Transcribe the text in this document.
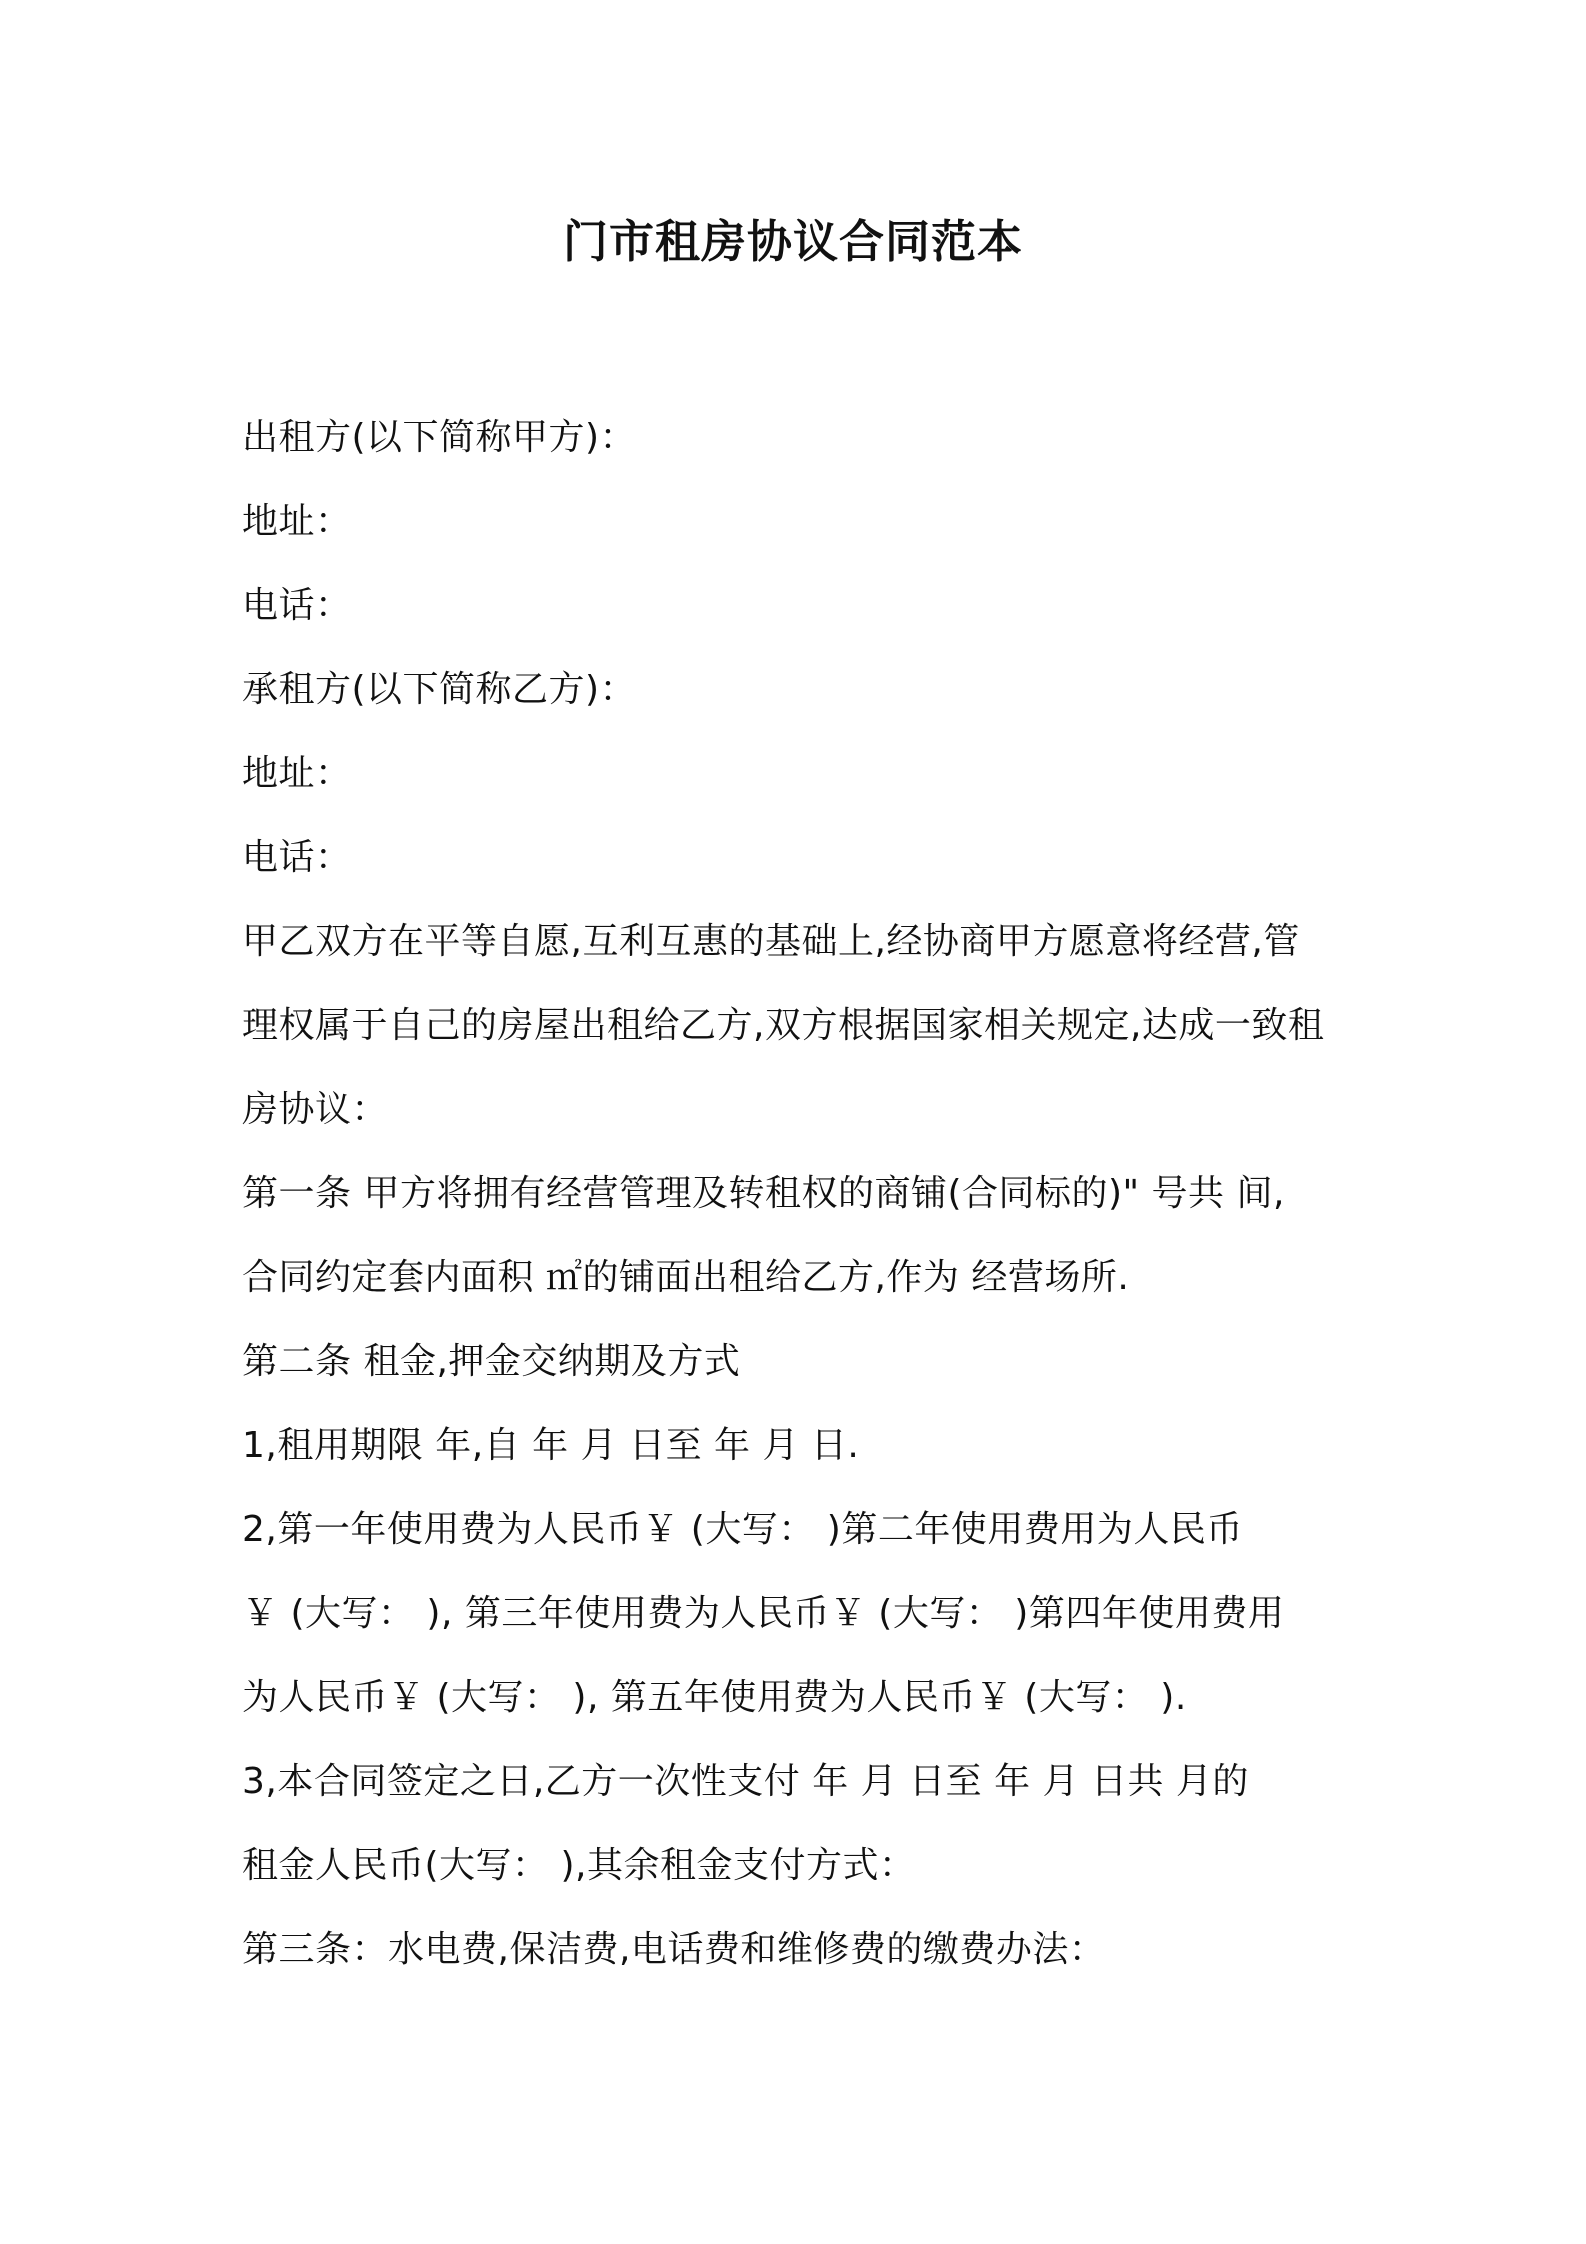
门市租房协议合同范本
出租方(以下简称甲方)：
地址：
电话：
承租方(以下简称乙方)：
地址：
电话：
甲乙双方在平等自愿,互利互惠的基础上,经协商甲方愿意将经营,管
理权属于自己的房屋出租给乙方,双方根据国家相关规定,达成一致租
房协议：
第一条 甲方将拥有经营管理及转租权的商铺(合同标的)" 号共 间,
合同约定套内面积 ㎡的铺面出租给乙方,作为 经营场所.
第二条 租金,押金交纳期及方式
1,租用期限 年,自 年 月 日至 年 月 日.
2,第一年使用费为人民币￥ (大写： )第二年使用费用为人民币
￥ (大写： ), 第三年使用费为人民币￥ (大写： )第四年使用费用
为人民币￥ (大写： ), 第五年使用费为人民币￥ (大写： ).
3,本合同签定之日,乙方一次性支付 年 月 日至 年 月 日共 月的
租金人民币(大写： ),其余租金支付方式：
第三条：水电费,保洁费,电话费和维修费的缴费办法：
